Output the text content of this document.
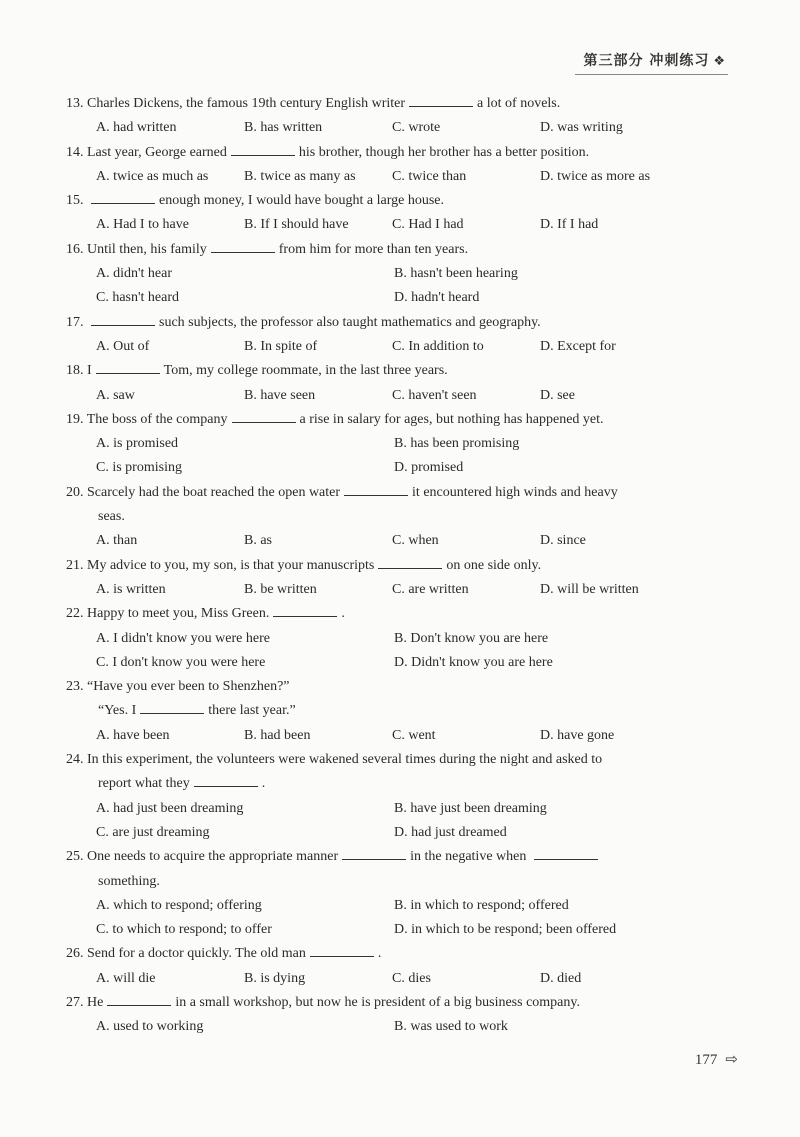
第三部分 冲刺练习 ❖
13. Charles Dickens, the famous 19th century English writer	a lot of novels.
A. had written	B. has written	C. wrote	D. was writing
14. Last year, George earned	his brother, though her brother has a better position.
A. twice as much as	B. twice as many as	C. twice than	D. twice as more as
15.	enough money, I would have bought a large house.
A. Had I to have	B. If I should have	C. Had I had	D. If I had
16. Until then, his family	from him for more than ten years.
A. didn't hear	B. hasn't been hearing
C. hasn't heard	D. hadn't heard
17.	such subjects, the professor also taught mathematics and geography.
A. Out of	B. In spite of	C. In addition to	D. Except for
18. I	Tom, my college roommate, in the last three years.
A. saw	B. have seen	C. haven't seen	D. see
19. The boss of the company	a rise in salary for ages, but nothing has happened yet.
A. is promised	B. has been promising
C. is promising	D. promised
20. Scarcely had the boat reached the open water	it encountered high winds and heavy
seas.
A. than	B. as	C. when	D. since
21. My advice to you, my son, is that your manuscripts	on one side only.
A. is written	B. be written	C. are written	D. will be written
22. Happy to meet you, Miss Green.	.
A. I didn't know you were here	B. Don't know you are here
C. I don't know you were here	D. Didn't know you are here
23. “Have you ever been to Shenzhen?”
“Yes. I	there last year.”
A. have been	B. had been	C. went	D. have gone
24. In this experiment, the volunteers were wakened several times during the night and asked to
report what they	.
A. had just been dreaming	B. have just been dreaming
C. are just dreaming	D. had just dreamed
25. One needs to acquire the appropriate manner	in the negative when
something.
A. which to respond; offering	B. in which to respond; offered
C. to which to respond; to offer	D. in which to be respond; been offered
26. Send for a doctor quickly. The old man	.
A. will die	B. is dying	C. dies	D. died
27. He	in a small workshop, but now he is president of a big business company.
A. used to working	B. was used to work
177 ⇨
